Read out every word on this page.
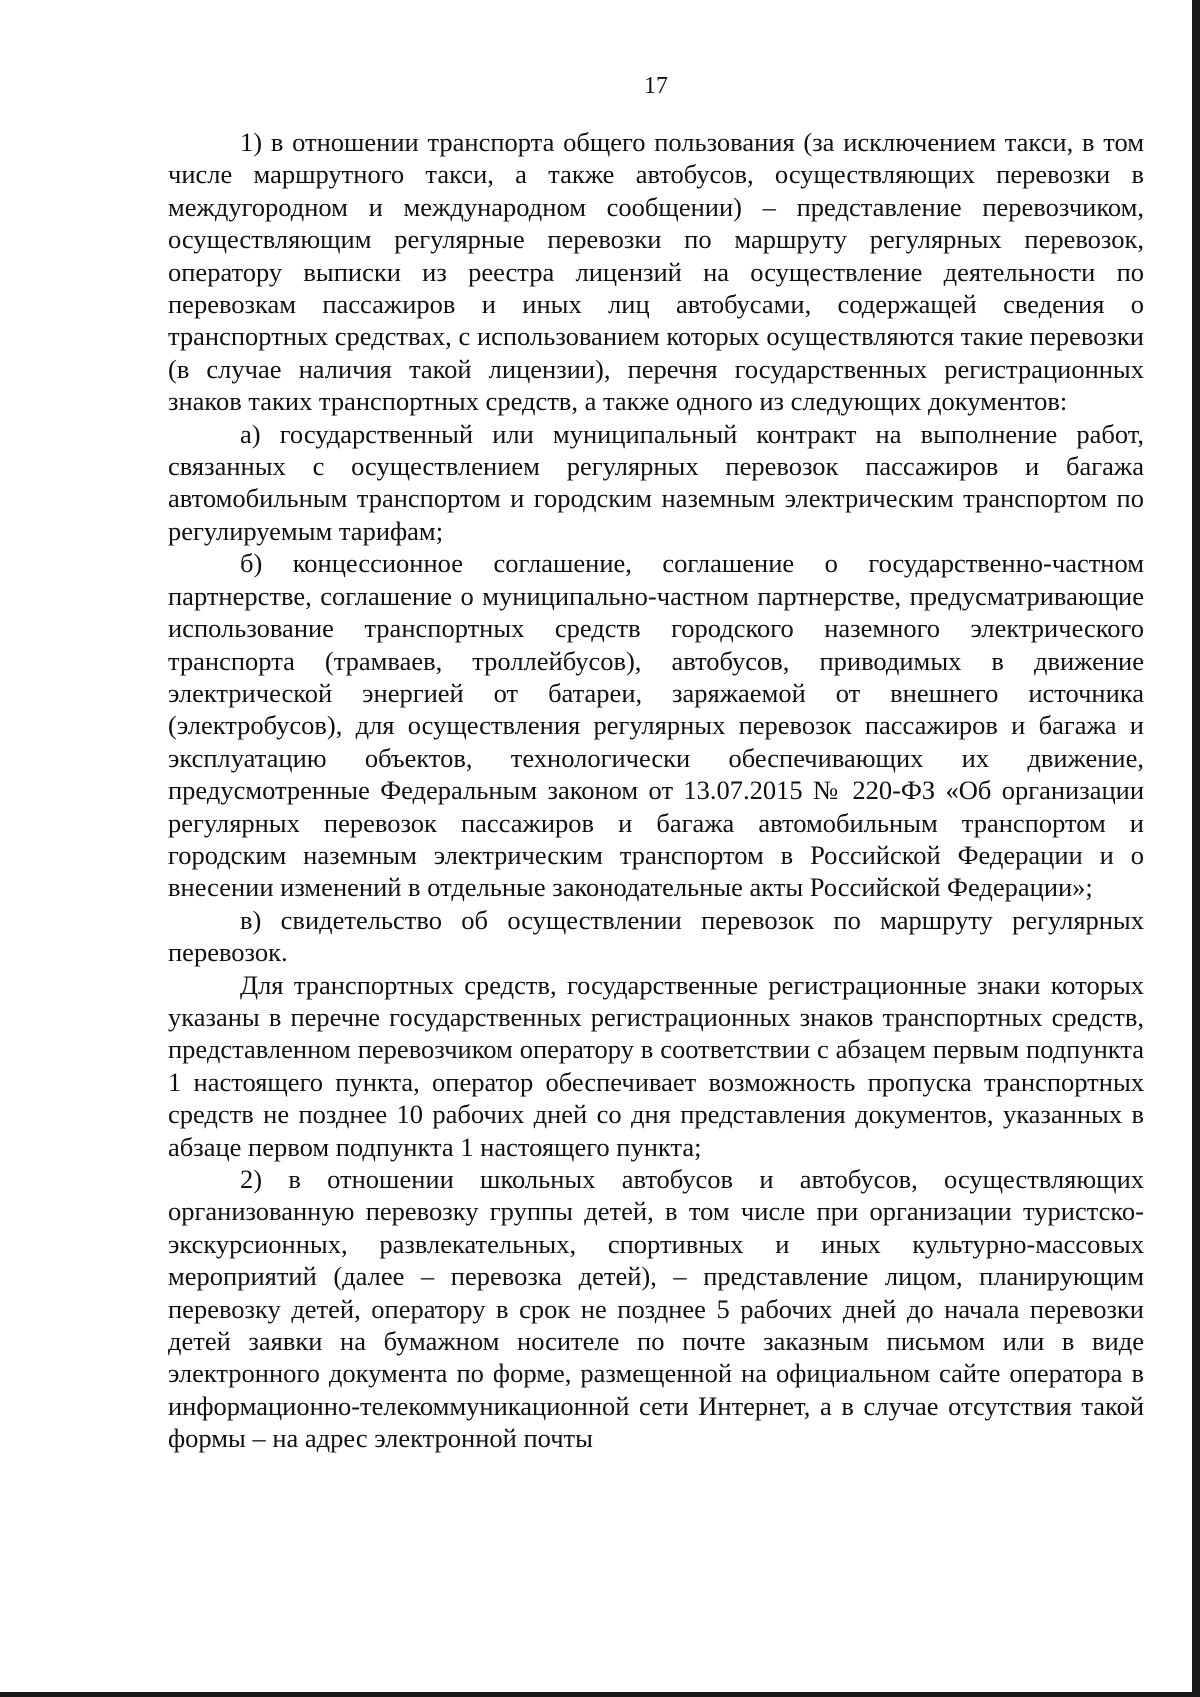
17

1) в отношении транспорта общего пользования (за исключением такси, в том числе маршрутного такси, а также автобусов, осуществляющих перевозки в междугородном и международном сообщении) – представление перевозчиком, осуществляющим регулярные перевозки по маршруту регулярных перевозок, оператору выписки из реестра лицензий на осуществление деятельности по перевозкам пассажиров и иных лиц автобусами, содержащей сведения о транспортных средствах, с использованием которых осуществляются такие перевозки (в случае наличия такой лицензии), перечня государственных регистрационных знаков таких транспортных средств, а также одного из следующих документов:

а) государственный или муниципальный контракт на выполнение работ, связанных с осуществлением регулярных перевозок пассажиров и багажа автомобильным транспортом и городским наземным электрическим транспортом по регулируемым тарифам;

б) концессионное соглашение, соглашение о государственно-частном партнерстве, соглашение о муниципально-частном партнерстве, предусматривающие использование транспортных средств городского наземного электрического транспорта (трамваев, троллейбусов), автобусов, приводимых в движение электрической энергией от батареи, заряжаемой от внешнего источника (электробусов), для осуществления регулярных перевозок пассажиров и багажа и эксплуатацию объектов, технологически обеспечивающих их движение, предусмотренные Федеральным законом от 13.07.2015 № 220-ФЗ «Об организации регулярных перевозок пассажиров и багажа автомобильным транспортом и городским наземным электрическим транспортом в Российской Федерации и о внесении изменений в отдельные законодательные акты Российской Федерации»;

в) свидетельство об осуществлении перевозок по маршруту регулярных перевозок.

Для транспортных средств, государственные регистрационные знаки которых указаны в перечне государственных регистрационных знаков транспортных средств, представленном перевозчиком оператору в соответствии с абзацем первым подпункта 1 настоящего пункта, оператор обеспечивает возможность пропуска транспортных средств не позднее 10 рабочих дней со дня представления документов, указанных в абзаце первом подпункта 1 настоящего пункта;

2) в отношении школьных автобусов и автобусов, осуществляющих организованную перевозку группы детей, в том числе при организации туристско-экскурсионных, развлекательных, спортивных и иных культурно-массовых мероприятий (далее – перевозка детей), – представление лицом, планирующим перевозку детей, оператору в срок не позднее 5 рабочих дней до начала перевозки детей заявки на бумажном носителе по почте заказным письмом или в виде электронного документа по форме, размещенной на официальном сайте оператора в информационно-телекоммуникационной сети Интернет, а в случае отсутствия такой формы – на адрес электронной почты
